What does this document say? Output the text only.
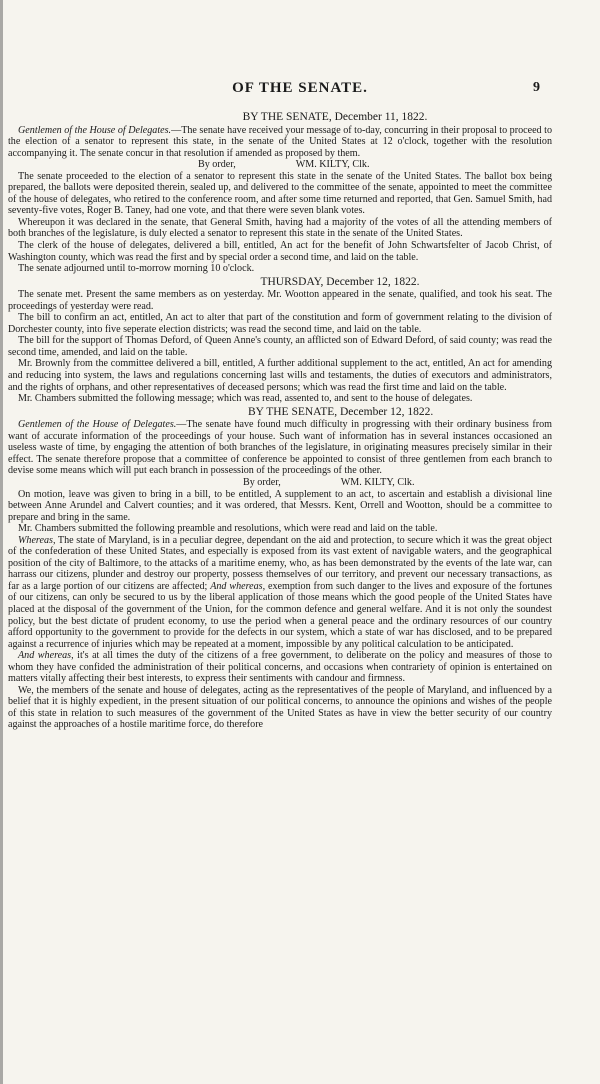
OF THE SENATE.	9

BY THE SENATE, December 11, 1822.

Gentlemen of the House of Delegates.—The senate have received your message of to-day, concurring in their proposal to proceed to the election of a senator to represent this state, in the senate of the United States at 12 o'clock, together with the resolution accompanying it. The senate concur in that resolution if amended as proposed by them.

By order,	WM. KILTY, Clk.

The senate proceeded to the election of a senator to represent this state in the senate of the United States. The ballot box being prepared, the ballots were deposited therein, sealed up, and delivered to the committee of the senate, appointed to meet the committee of the house of delegates, who retired to the conference room, and after some time returned and reported, that Gen. Samuel Smith, had seventy-five votes, Roger B. Taney, had one vote, and that there were seven blank votes.

Whereupon it was declared in the senate, that General Smith, having had a majority of the votes of all the attending members of both branches of the legislature, is duly elected a senator to represent this state in the senate of the United States.

The clerk of the house of delegates, delivered a bill, entitled, An act for the benefit of John Schwartsfelter of Jacob Christ, of Washington county, which was read the first and by special order a second time, and laid on the table.

The senate adjourned until to-morrow morning 10 o'clock.

THURSDAY, December 12, 1822.

The senate met. Present the same members as on yesterday. Mr. Wootton appeared in the senate, qualified, and took his seat. The proceedings of yesterday were read.

The bill to confirm an act, entitled, An act to alter that part of the constitution and form of government relating to the division of Dorchester county, into five seperate election districts; was read the second time, and laid on the table.

The bill for the support of Thomas Deford, of Queen Anne's county, an afflicted son of Edward Deford, of said county; was read the second time, amended, and laid on the table.

Mr. Brownly from the committee delivered a bill, entitled, A further additional supplement to the act, entitled, An act for amending and reducing into system, the laws and regulations concerning last wills and testaments, the duties of executors and administrators, and the rights of orphans, and other representatives of deceased persons; which was read the first time and laid on the table.

Mr. Chambers submitted the following message; which was read, assented to, and sent to the house of delegates.

BY THE SENATE, December 12, 1822.

Gentlemen of the House of Delegates.—The senate have found much difficulty in progressing with their ordinary business from want of accurate information of the proceedings of your house. Such want of information has in several instances occasioned an useless waste of time, by engaging the attention of both branches of the legislature, in originating measures precisely similar in their effect. The senate therefore propose that a committee of conference be appointed to consist of three gentlemen from each branch to devise some means which will put each branch in possession of the proceedings of the other.

By order,	WM. KILTY, Clk.

On motion, leave was given to bring in a bill, to be entitled, A supplement to an act, to ascertain and establish a divisional line between Anne Arundel and Calvert counties; and it was ordered, that Messrs. Kent, Orrell and Wootton, should be a committee to prepare and bring in the same.

Mr. Chambers submitted the following preamble and resolutions, which were read and laid on the table.

Whereas, The state of Maryland, is in a peculiar degree, dependant on the aid and protection, to secure which it was the great object of the confederation of these United States, and especially is exposed from its vast extent of navigable waters, and the geographical position of the city of Baltimore, to the attacks of a maritime enemy, who, as has been demonstrated by the events of the late war, can harrass our citizens, plunder and destroy our property, possess themselves of our territory, and prevent our necessary transactions, as far as a large portion of our citizens are affected; And whereas, exemption from such danger to the lives and exposure of the fortunes of our citizens, can only be secured to us by the liberal application of those means which the good people of the United States have placed at the disposal of the government of the Union, for the common defence and general welfare. And it is not only the soundest policy, but the best dictate of prudent economy, to use the period when a general peace and the ordinary resources of our country afford opportunity to the government to provide for the defects in our system, which a state of war has disclosed, and to be prepared against a recurrence of injuries which may be repeated at a moment, impossible by any political calculation to be anticipated.

And whereas, it's at all times the duty of the citizens of a free government, to deliberate on the policy and measures of those to whom they have confided the administration of their political concerns, and occasions when contrariety of opinion is entertained on matters vitally affecting their best interests, to express their sentiments with candour and firmness.

We, the members of the senate and house of delegates, acting as the representatives of the people of Maryland, and influenced by a belief that it is highly expedient, in the present situation of our political concerns, to announce the opinions and wishes of the people of this state in relation to such measures of the government of the United States as have in view the better security of our country against the approaches of a hostile maritime force, do therefore
